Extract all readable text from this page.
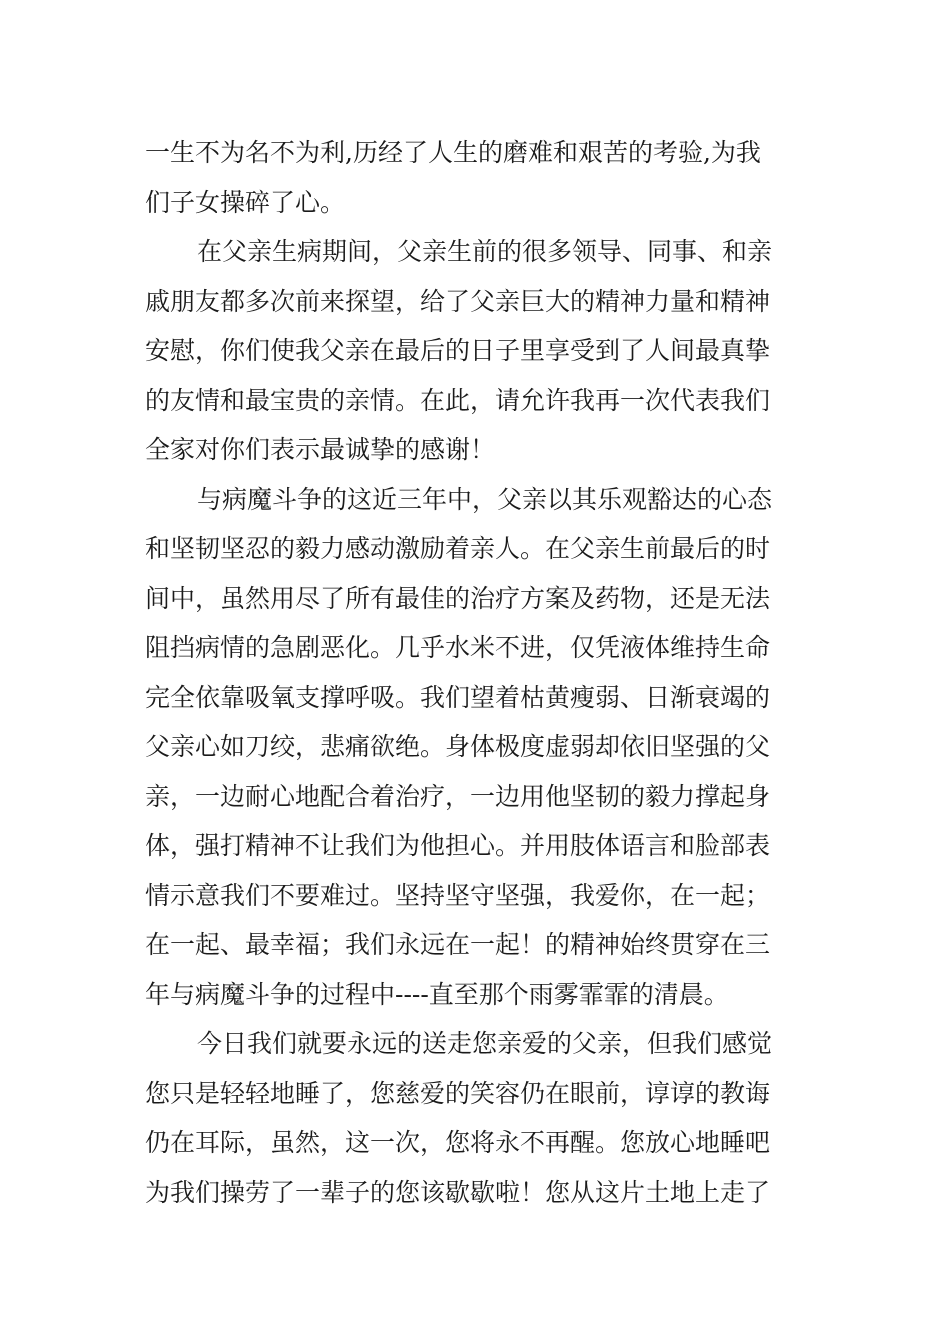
一生不为名不为利,历经了人生的磨难和艰苦的考验,为我
们子女操碎了心。
在父亲生病期间，父亲生前的很多领导、同事、和亲
戚朋友都多次前来探望，给了父亲巨大的精神力量和精神
安慰，你们使我父亲在最后的日子里享受到了人间最真挚
的友情和最宝贵的亲情。在此，请允许我再一次代表我们
全家对你们表示最诚挚的感谢！
与病魔斗争的这近三年中，父亲以其乐观豁达的心态
和坚韧坚忍的毅力感动激励着亲人。在父亲生前最后的时
间中，虽然用尽了所有最佳的治疗方案及药物，还是无法
阻挡病情的急剧恶化。几乎水米不进，仅凭液体维持生命
完全依靠吸氧支撑呼吸。我们望着枯黄瘦弱、日渐衰竭的
父亲心如刀绞，悲痛欲绝。身体极度虚弱却依旧坚强的父
亲，一边耐心地配合着治疗，一边用他坚韧的毅力撑起身
体，强打精神不让我们为他担心。并用肢体语言和脸部表
情示意我们不要难过。坚持坚守坚强，我爱你，在一起；
在一起、最幸福；我们永远在一起！的精神始终贯穿在三
年与病魔斗争的过程中----直至那个雨雾霏霏的清晨。
今日我们就要永远的送走您亲爱的父亲，但我们感觉
您只是轻轻地睡了，您慈爱的笑容仍在眼前，谆谆的教诲
仍在耳际，虽然，这一次，您将永不再醒。您放心地睡吧
为我们操劳了一辈子的您该歇歇啦！您从这片土地上走了
